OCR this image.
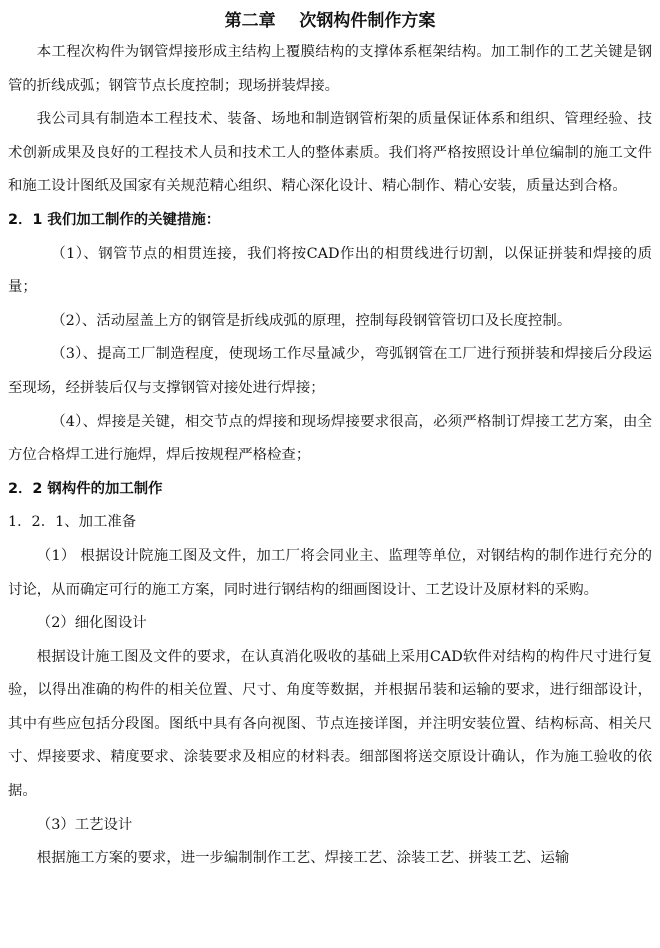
第二章    次钢构件制作方案

本工程次构件为钢管焊接形成主结构上覆膜结构的支撑体系框架结构。加工制作的工艺关键是钢管的折线成弧；钢管节点长度控制；现场拼装焊接。

我公司具有制造本工程技术、装备、场地和制造钢管桁架的质量保证体系和组织、管理经验、技术创新成果及良好的工程技术人员和技术工人的整体素质。我们将严格按照设计单位编制的施工文件和施工设计图纸及国家有关规范精心组织、精心深化设计、精心制作、精心安装，质量达到合格。

2．1 我们加工制作的关键措施：

（1）、钢管节点的相贯连接，我们将按CAD作出的相贯线进行切割，以保证拼装和焊接的质量；

（2）、活动屋盖上方的钢管是折线成弧的原理，控制每段钢管管切口及长度控制。

（3）、提高工厂制造程度，使现场工作尽量减少，弯弧钢管在工厂进行预拼装和焊接后分段运至现场，经拼装后仅与支撑钢管对接处进行焊接；

（4）、焊接是关键，相交节点的焊接和现场焊接要求很高，必须严格制订焊接工艺方案，由全方位合格焊工进行施焊，焊后按规程严格检查；

2．2 钢构件的加工制作

1．2．1、加工准备

（1） 根据设计院施工图及文件，加工厂将会同业主、监理等单位，对钢结构的制作进行充分的讨论，从而确定可行的施工方案，同时进行钢结构的细画图设计、工艺设计及原材料的采购。

（2）细化图设计

根据设计施工图及文件的要求，在认真消化吸收的基础上采用CAD软件对结构的构件尺寸进行复验，以得出准确的构件的相关位置、尺寸、角度等数据，并根据吊装和运输的要求，进行细部设计，其中有些应包括分段图。图纸中具有各向视图、节点连接详图，并注明安装位置、结构标高、相关尺寸、焊接要求、精度要求、涂装要求及相应的材料表。细部图将送交原设计确认，作为施工验收的依据。

（3）工艺设计

根据施工方案的要求，进一步编制制作工艺、焊接工艺、涂装工艺、拼装工艺、运输
